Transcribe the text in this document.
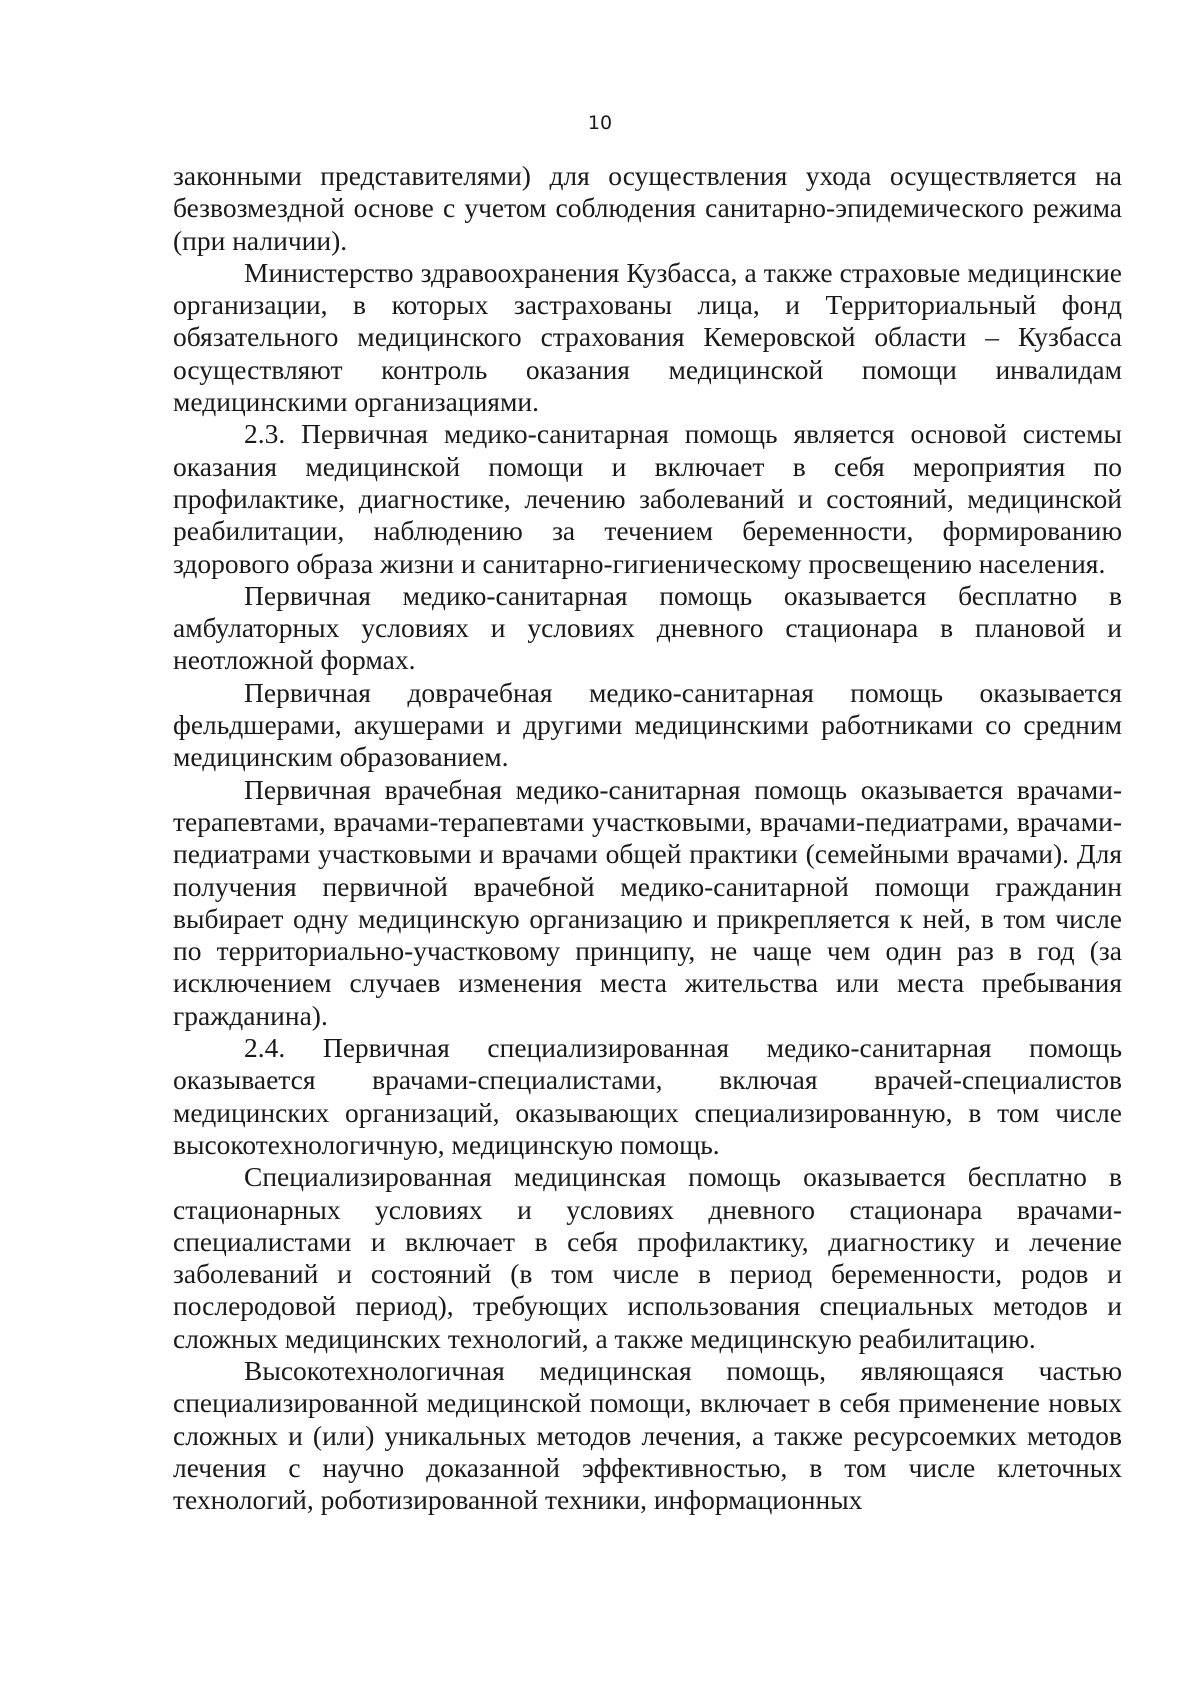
10

законными представителями) для осуществления ухода осуществляется на безвозмездной основе с учетом соблюдения санитарно-эпидемического режима (при наличии).

Министерство здравоохранения Кузбасса, а также страховые медицинские организации, в которых застрахованы лица, и Территориальный фонд обязательного медицинского страхования Кемеровской области – Кузбасса осуществляют контроль оказания медицинской помощи инвалидам медицинскими организациями.

2.3. Первичная медико-санитарная помощь является основой системы оказания медицинской помощи и включает в себя мероприятия по профилактике, диагностике, лечению заболеваний и состояний, медицинской реабилитации, наблюдению за течением беременности, формированию здорового образа жизни и санитарно-гигиеническому просвещению населения.

Первичная медико-санитарная помощь оказывается бесплатно в амбулаторных условиях и условиях дневного стационара в плановой и неотложной формах.

Первичная доврачебная медико-санитарная помощь оказывается фельдшерами, акушерами и другими медицинскими работниками со средним медицинским образованием.

Первичная врачебная медико-санитарная помощь оказывается врачами-терапевтами, врачами-терапевтами участковыми, врачами-педиатрами, врачами-педиатрами участковыми и врачами общей практики (семейными врачами). Для получения первичной врачебной медико-санитарной помощи гражданин выбирает одну медицинскую организацию и прикрепляется к ней, в том числе по территориально-участковому принципу, не чаще чем один раз в год (за исключением случаев изменения места жительства или места пребывания гражданина).

2.4. Первичная специализированная медико-санитарная помощь оказывается врачами-специалистами, включая врачей-специалистов медицинских организаций, оказывающих специализированную, в том числе высокотехнологичную, медицинскую помощь.

Специализированная медицинская помощь оказывается бесплатно в стационарных условиях и условиях дневного стационара врачами-специалистами и включает в себя профилактику, диагностику и лечение заболеваний и состояний (в том числе в период беременности, родов и послеродовой период), требующих использования специальных методов и сложных медицинских технологий, а также медицинскую реабилитацию.

Высокотехнологичная медицинская помощь, являющаяся частью специализированной медицинской помощи, включает в себя применение новых сложных и (или) уникальных методов лечения, а также ресурсоемких методов лечения с научно доказанной эффективностью, в том числе клеточных технологий, роботизированной техники, информационных
